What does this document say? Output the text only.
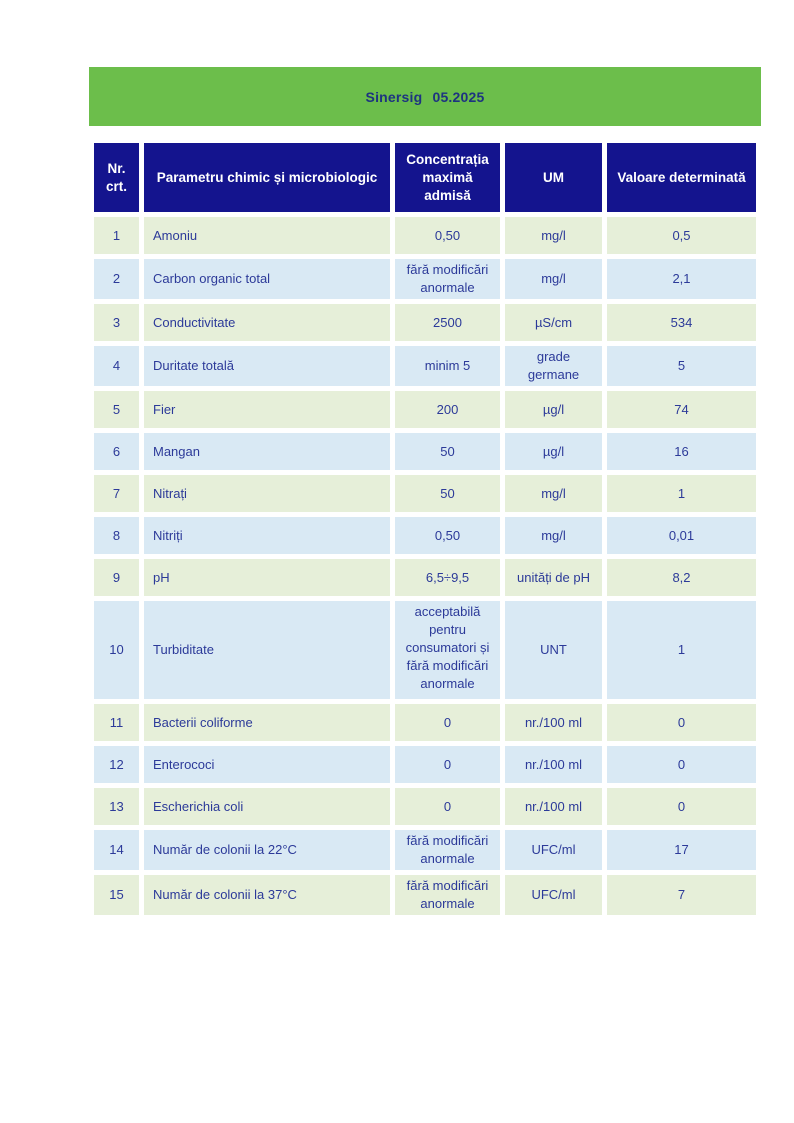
Sinersig 05.2025
Nr. crt.	Parametru chimic și microbiologic	Concentrația maximă admisă	UM	Valoare determinată

1	Amoniu	0,50	mg/l	0,5

2	Carbon organic total	fără modificări anormale	mg/l	2,1

3	Conductivitate	2500	µS/cm	534

4	Duritate totală	minim 5	grade germane	5

5	Fier	200	µg/l	74

6	Mangan	50	µg/l	16

7	Nitrați	50	mg/l	1

8	Nitriți	0,50	mg/l	0,01

9	pH	6,5÷9,5	unități de pH	8,2

10	Turbiditate	acceptabilă pentru consumatori și fără modificări anormale	UNT	1

11	Bacterii coliforme	0	nr./100 ml	0

12	Enterococi	0	nr./100 ml	0

13	Escherichia coli	0	nr./100 ml	0

14	Număr de colonii la 22°C	fără modificări anormale	UFC/ml	17

15	Număr de colonii la 37°C	fără modificări anormale	UFC/ml	7
